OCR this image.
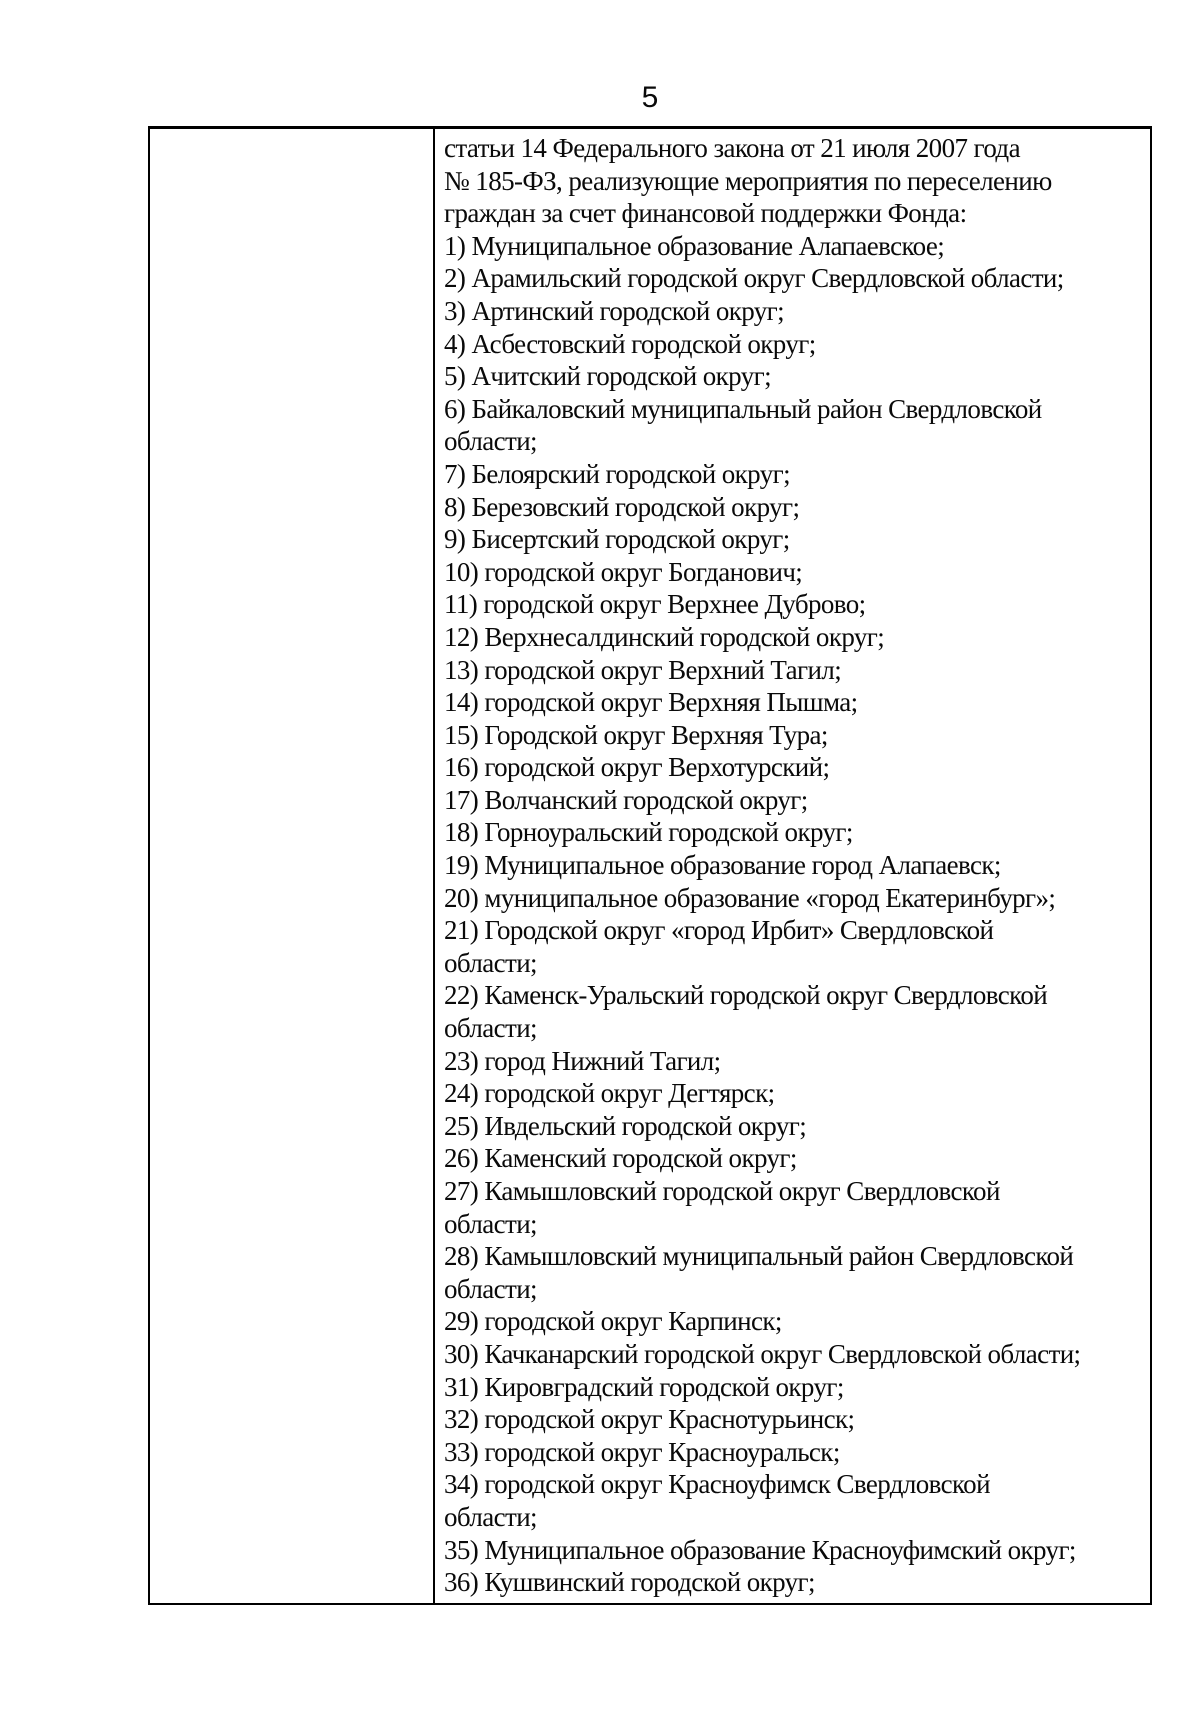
5
статьи 14 Федерального закона от 21 июля 2007 года
№ 185-ФЗ, реализующие мероприятия по переселению
граждан за счет финансовой поддержки Фонда:
1) Муниципальное образование Алапаевское;
2) Арамильский городской округ Свердловской области;
3) Артинский городской округ;
4) Асбестовский городской округ;
5) Ачитский городской округ;
6) Байкаловский муниципальный район Свердловской
области;
7) Белоярский городской округ;
8) Березовский городской округ;
9) Бисертский городской округ;
10) городской округ Богданович;
11) городской округ Верхнее Дуброво;
12) Верхнесалдинский городской округ;
13) городской округ Верхний Тагил;
14) городской округ Верхняя Пышма;
15) Городской округ Верхняя Тура;
16) городской округ Верхотурский;
17) Волчанский городской округ;
18) Горноуральский городской округ;
19) Муниципальное образование город Алапаевск;
20) муниципальное образование «город Екатеринбург»;
21) Городской округ «город Ирбит» Свердловской
области;
22) Каменск-Уральский городской округ Свердловской
области;
23) город Нижний Тагил;
24) городской округ Дегтярск;
25) Ивдельский городской округ;
26) Каменский городской округ;
27) Камышловский городской округ Свердловской
области;
28) Камышловский муниципальный район Свердловской
области;
29) городской округ Карпинск;
30) Качканарский городской округ Свердловской области;
31) Кировградский городской округ;
32) городской округ Краснотурьинск;
33) городской округ Красноуральск;
34) городской округ Красноуфимск Свердловской
области;
35) Муниципальное образование Красноуфимский округ;
36) Кушвинский городской округ;
